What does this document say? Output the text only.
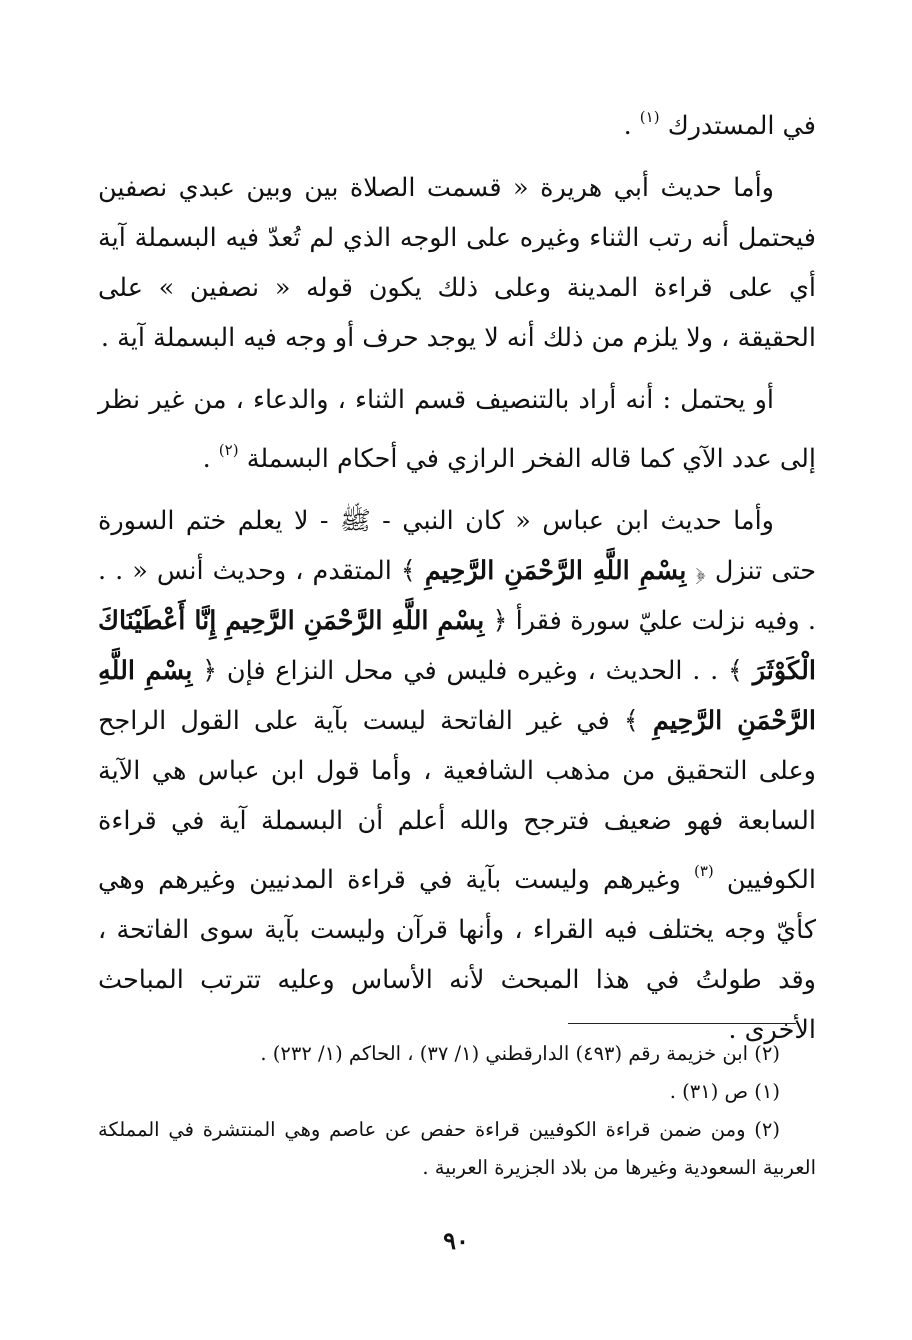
في المستدرك $^{(١)}$ .

وأما حديث أبي هريرة « قسمت الصلاة بين وبين عبدي نصفين فيحتمل أنه رتب الثناء وغيره على الوجه الذي لم تُعدّ فيه البسملة آية أي على قراءة المدينة وعلى ذلك يكون قوله « نصفين » على الحقيقة ، ولا يلزم من ذلك أنه لا يوجد حرف أو وجه فيه البسملة آية .

أو يحتمل : أنه أراد بالتنصيف قسم الثناء ، والدعاء ، من غير نظر إلى عدد الآي كما قاله الفخر الرازي في أحكام البسملة $^{(٢)}$ .

وأما حديث ابن عباس « كان النبي - ﷺ - لا يعلم ختم السورة حتى تنزل ﴿ بِسْمِ اللَّهِ الرَّحْمَنِ الرَّحِيمِ ﴾ المتقدم ، وحديث أنس « . . . وفيه نزلت عليّ سورة فقرأ ﴿ بِسْمِ اللَّهِ الرَّحْمَنِ الرَّحِيمِ إِنَّا أَعْطَيْنَاكَ الْكَوْثَرَ ﴾ . . الحديث ، وغيره فليس في محل النزاع فإن ﴿ بِسْمِ اللَّهِ الرَّحْمَنِ الرَّحِيمِ ﴾ في غير الفاتحة ليست بآية على القول الراجح وعلى التحقيق من مذهب الشافعية ، وأما قول ابن عباس هي الآية السابعة فهو ضعيف فترجح والله أعلم أن البسملة آية في قراءة الكوفيين $^{(٣)}$ وغيرهم وليست بآية في قراءة المدنيين وغيرهم وهي كأيّ وجه يختلف فيه القراء ، وأنها قرآن وليست بآية سوى الفاتحة ، وقد طولتُ في هذا المبحث لأنه الأساس وعليه تترتب المباحث الأخرى .

(٢) ابن خزيمة رقم (٤٩٣) الدارقطني (١/ ٣٧) ، الحاكم (١/ ٢٣٢) .

(١) ص (٣١) .

(٢) ومن ضمن قراءة الكوفيين قراءة حفص عن عاصم وهي المنتشرة في المملكة العربية السعودية وغيرها من بلاد الجزيرة العربية .

٩٠
